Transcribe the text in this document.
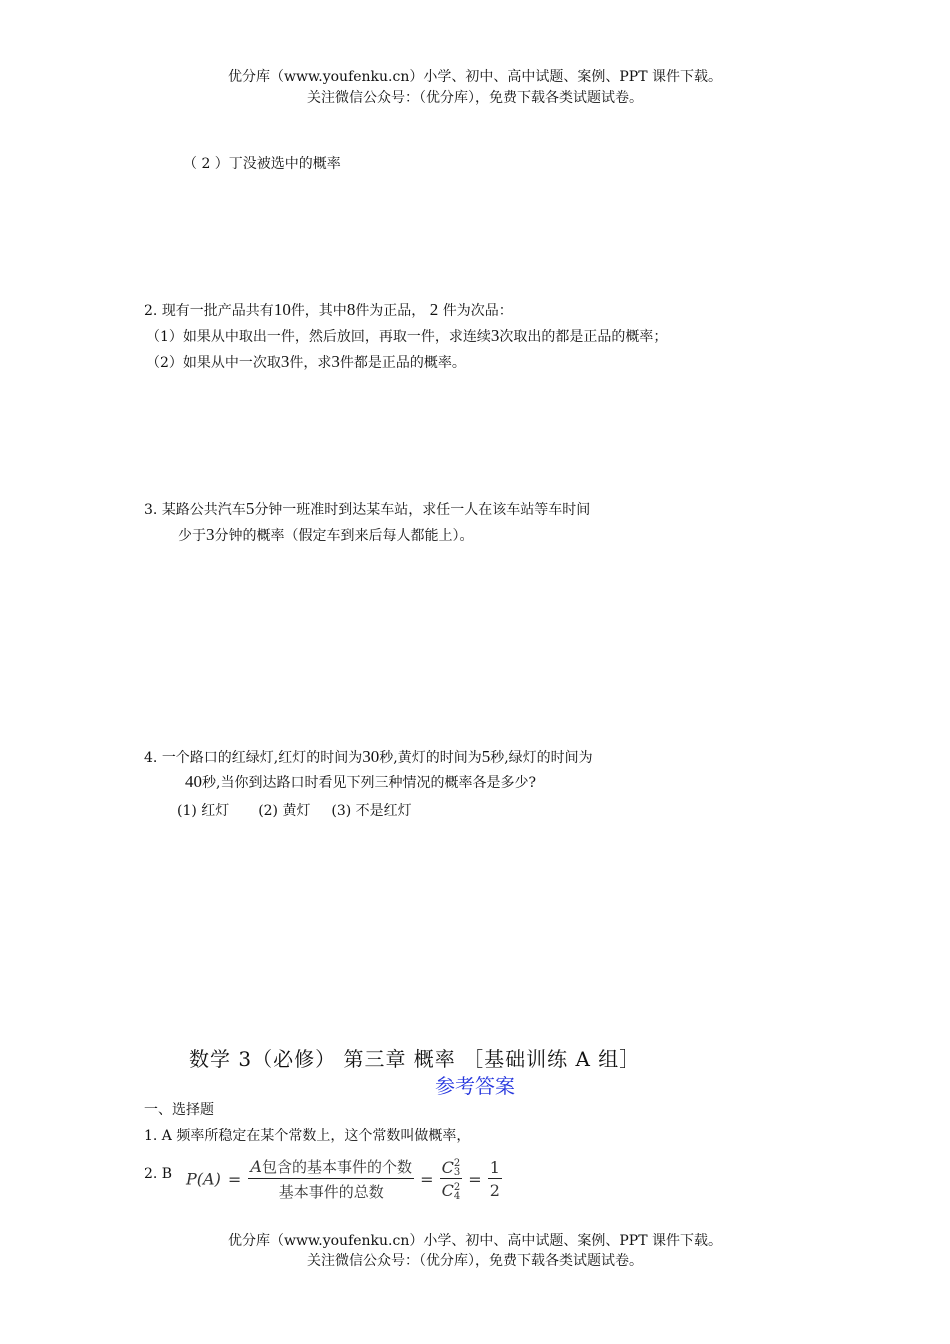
优分库（www.youfenku.cn）小学、初中、高中试题、案例、PPT 课件下载。
关注微信公众号：（优分库），免费下载各类试题试卷。
（ 2 ）丁没被选中的概率
2. 现有一批产品共有10件，其中8件为正品， 2 件为次品：
（1）如果从中取出一件，然后放回，再取一件，求连续3次取出的都是正品的概率；
（2）如果从中一次取3件，求3件都是正品的概率。
3. 某路公共汽车5分钟一班准时到达某车站，求任一人在该车站等车时间
少于3分钟的概率（假定车到来后每人都能上）。
4. 一个路口的红绿灯,红灯的时间为30秒,黄灯的时间为5秒,绿灯的时间为
40秒,当你到达路口时看见下列三种情况的概率各是多少?
(1) 红灯 (2) 黄灯 (3) 不是红灯
数学 3（必修） 第三章 概率 ［基础训练 A 组］
参考答案
一、选择题
1. A 频率所稳定在某个常数上，这个常数叫做概率，
2. B $P(A) = \frac{\text{A包含的基本事件的个数}}{\text{基本事件的总数}} = C$ 2
3
C 2
$4 = \frac{1}{2}$
优分库（www.youfenku.cn）小学、初中、高中试题、案例、PPT 课件下载。
关注微信公众号：（优分库），免费下载各类试题试卷。
